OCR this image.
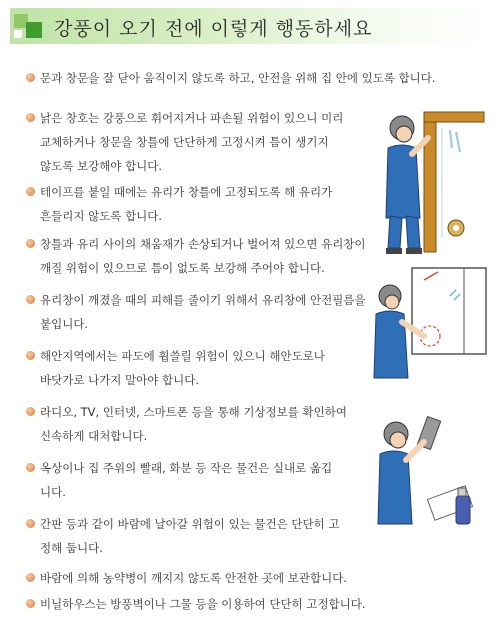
강풍이 오기 전에 이렇게 행동하세요
문과 창문을 잘 닫아 움직이지 않도록 하고, 안전을 위해 집 안에 있도록 합니다.
낡은 창호는 강풍으로 휘어지거나 파손될 위험이 있으니 미리
교체하거나 창문을 창틀에 단단하게 고정시켜 틈이 생기지
않도록 보강해야 합니다.
테이프를 붙일 때에는 유리가 창틀에 고정되도록 해 유리가
흔들리지 않도록 합니다.
창틀과 유리 사이의 채움재가 손상되거나 벌어져 있으면 유리창이
깨질 위험이 있으므로 틈이 없도록 보강해 주어야 합니다.
유리창이 깨졌을 때의 피해를 줄이기 위해서 유리창에 안전필름을
붙입니다.
해안지역에서는 파도에 휩쓸릴 위험이 있으니 해안도로나
바닷가로 나가지 말아야 합니다.
라디오, TV, 인터넷, 스마트폰 등을 통해 기상정보를 확인하여
신속하게 대처합니다.
옥상이나 집 주위의 빨래, 화분 등 작은 물건은 실내로 옮깁
니다.
간판 등과 같이 바람에 날아갈 위험이 있는 물건은 단단히 고
정해 둡니다.
바람에 의해 농약병이 깨지지 않도록 안전한 곳에 보관합니다.
비닐하우스는 방풍벽이나 그물 등을 이용하여 단단히 고정합니다.
